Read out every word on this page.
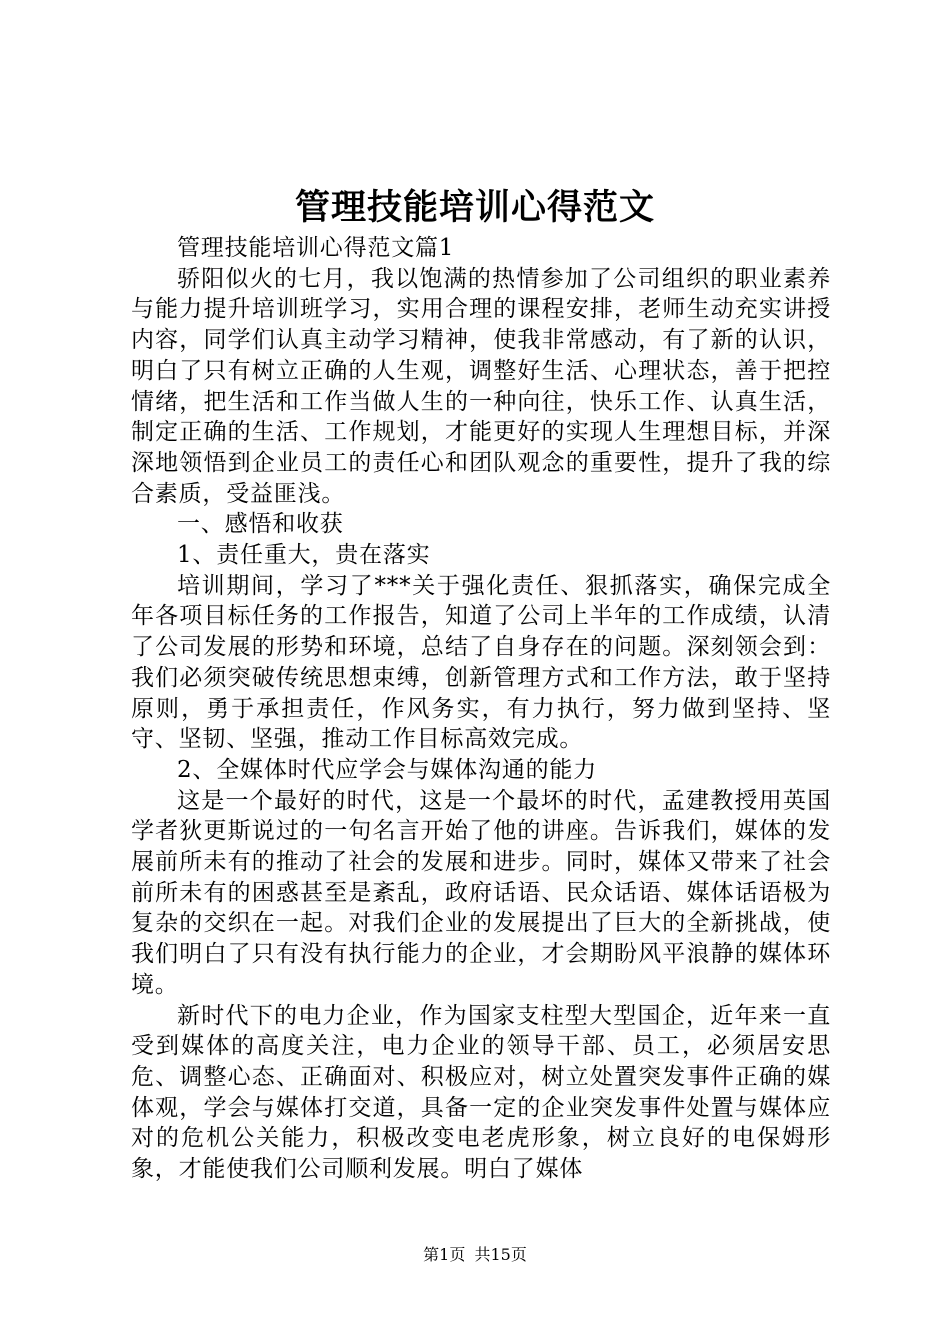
管理技能培训心得范文

管理技能培训心得范文篇1

骄阳似火的七月，我以饱满的热情参加了公司组织的职业素养与能力提升培训班学习，实用合理的课程安排，老师生动充实讲授内容，同学们认真主动学习精神，使我非常感动，有了新的认识，明白了只有树立正确的人生观，调整好生活、心理状态，善于把控情绪，把生活和工作当做人生的一种向往，快乐工作、认真生活，制定正确的生活、工作规划，才能更好的实现人生理想目标，并深深地领悟到企业员工的责任心和团队观念的重要性，提升了我的综合素质，受益匪浅。

一、感悟和收获

1、责任重大，贵在落实

培训期间，学习了***关于强化责任、狠抓落实，确保完成全年各项目标任务的工作报告，知道了公司上半年的工作成绩，认清了公司发展的形势和环境，总结了自身存在的问题。深刻领会到：我们必须突破传统思想束缚，创新管理方式和工作方法，敢于坚持原则，勇于承担责任，作风务实，有力执行，努力做到坚持、坚守、坚韧、坚强，推动工作目标高效完成。

2、全媒体时代应学会与媒体沟通的能力

这是一个最好的时代，这是一个最坏的时代，孟建教授用英国学者狄更斯说过的一句名言开始了他的讲座。告诉我们，媒体的发展前所未有的推动了社会的发展和进步。同时，媒体又带来了社会前所未有的困惑甚至是紊乱，政府话语、民众话语、媒体话语极为复杂的交织在一起。对我们企业的发展提出了巨大的全新挑战，使我们明白了只有没有执行能力的企业，才会期盼风平浪静的媒体环境。

新时代下的电力企业，作为国家支柱型大型国企，近年来一直受到媒体的高度关注，电力企业的领导干部、员工，必须居安思危、调整心态、正确面对、积极应对，树立处置突发事件正确的媒体观，学会与媒体打交道，具备一定的企业突发事件处置与媒体应对的危机公关能力，积极改变电老虎形象，树立良好的电保姆形象，才能使我们公司顺利发展。明白了媒体

第1页 共15页
